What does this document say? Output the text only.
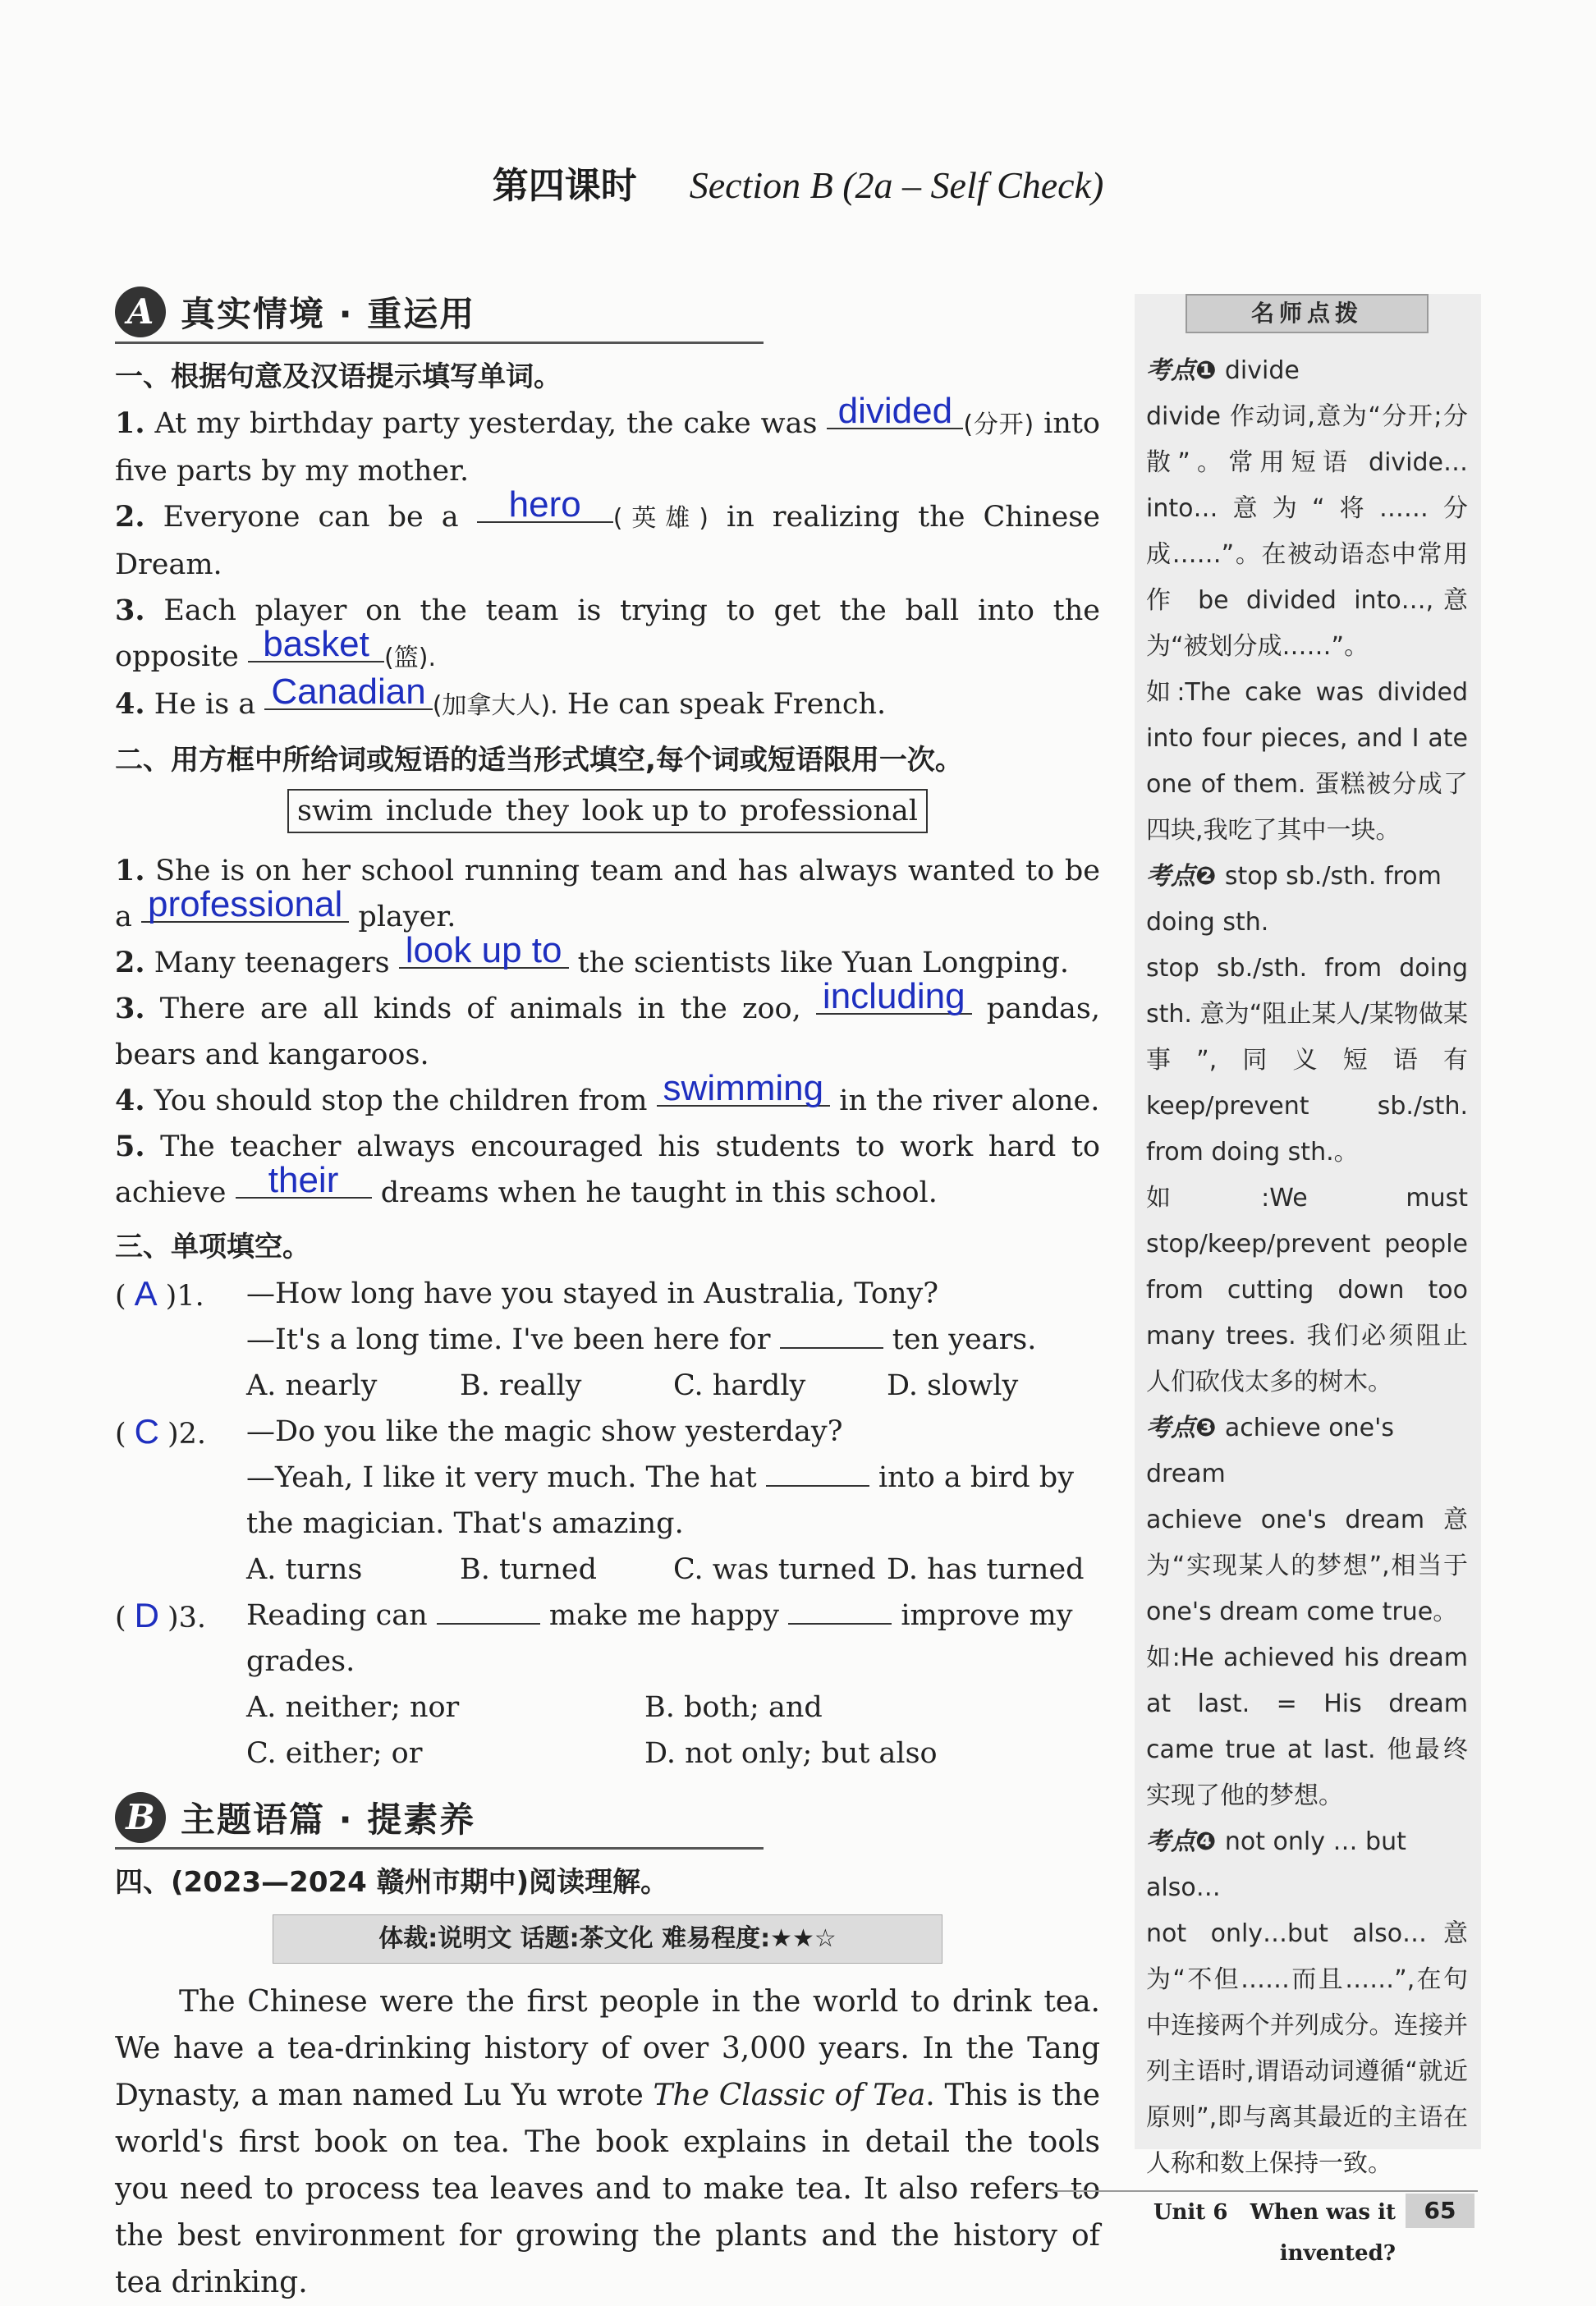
第四课时 Section B (2a – Self Check)
A 真实情境 · 重运用
一、根据句意及汉语提示填写单词。

1. At my birthday party yesterday, the cake was divided (分开) into five parts by my mother.

2. Everyone can be a hero (英雄) in realizing the Chinese Dream.

3. Each player on the team is trying to get the ball into the opposite basket (篮).

4. He is a Canadian (加拿大人). He can speak French.

二、用方框中所给词或短语的适当形式填空,每个词或短语限用一次。
swim include they look up to professional

1. She is on her school running team and has always wanted to be a professional player.

2. Many teenagers look up to the scientists like Yuan Longping.

3. There are all kinds of animals in the zoo, including pandas, bears and kangaroos.

4. You should stop the children from swimming in the river alone.

5. The teacher always encouraged his students to work hard to achieve their dreams when he taught in this school.

三、单项填空。
( A )1.	—How long have you stayed in Australia, Tony?
—It's a long time. I've been here for	ten years.
A. nearly	B. really	C. hardly	D. slowly
( C )2.	—Do you like the magic show yesterday?
—Yeah, I like it very much. The hat	into a bird by the magician. That's amazing.
A. turns	B. turned	C. was turned D. has turned
( D )3.	Reading can	make me happy	improve my grades.
A. neither; nor	B. both; and
C. either; or	D. not only; but also
B 主题语篇 · 提素养
四、(2023—2024 赣州市期中)阅读理解。
体裁:说明文 话题:茶文化 难易程度:★★☆

The Chinese were the first people in the world to drink tea. We have a tea-drinking history of over 3,000 years. In the Tang Dynasty, a man named Lu Yu wrote The Classic of Tea. This is the world's first book on tea. The book explains in detail the tools you need to process tea leaves and to make tea. It also refers to the best environment for growing the plants and the history of tea drinking.

名师点拨
考点❶ divide
divide 作动词,意为“分开;分散”。常用短语 divide…into…意为“将……分成……”。在被动语态中常用作 be divided into…,意为“被划分成……”。
如:The cake was divided into four pieces, and I ate one of them. 蛋糕被分成了四块,我吃了其中一块。
考点❷ stop sb./sth. from doing sth.
stop sb./sth. from doing sth. 意为“阻止某人/某物做某事”,同义短语有 keep/prevent sb./sth. from doing sth.。
如:We must stop/keep/prevent people from cutting down too many trees. 我们必须阻止人们砍伐太多的树木。
考点❸ achieve one's dream
achieve one's dream 意为“实现某人的梦想”,相当于 one's dream come true。
如:He achieved his dream at last. = His dream came true at last. 他最终实现了他的梦想。
考点❹ not only … but also…
not only…but also…意为“不但……而且……”,在句中连接两个并列成分。连接并列主语时,谓语动词遵循“就近原则”,即与离其最近的主语在人称和数上保持一致。
Unit 6 When was it invented?
65
